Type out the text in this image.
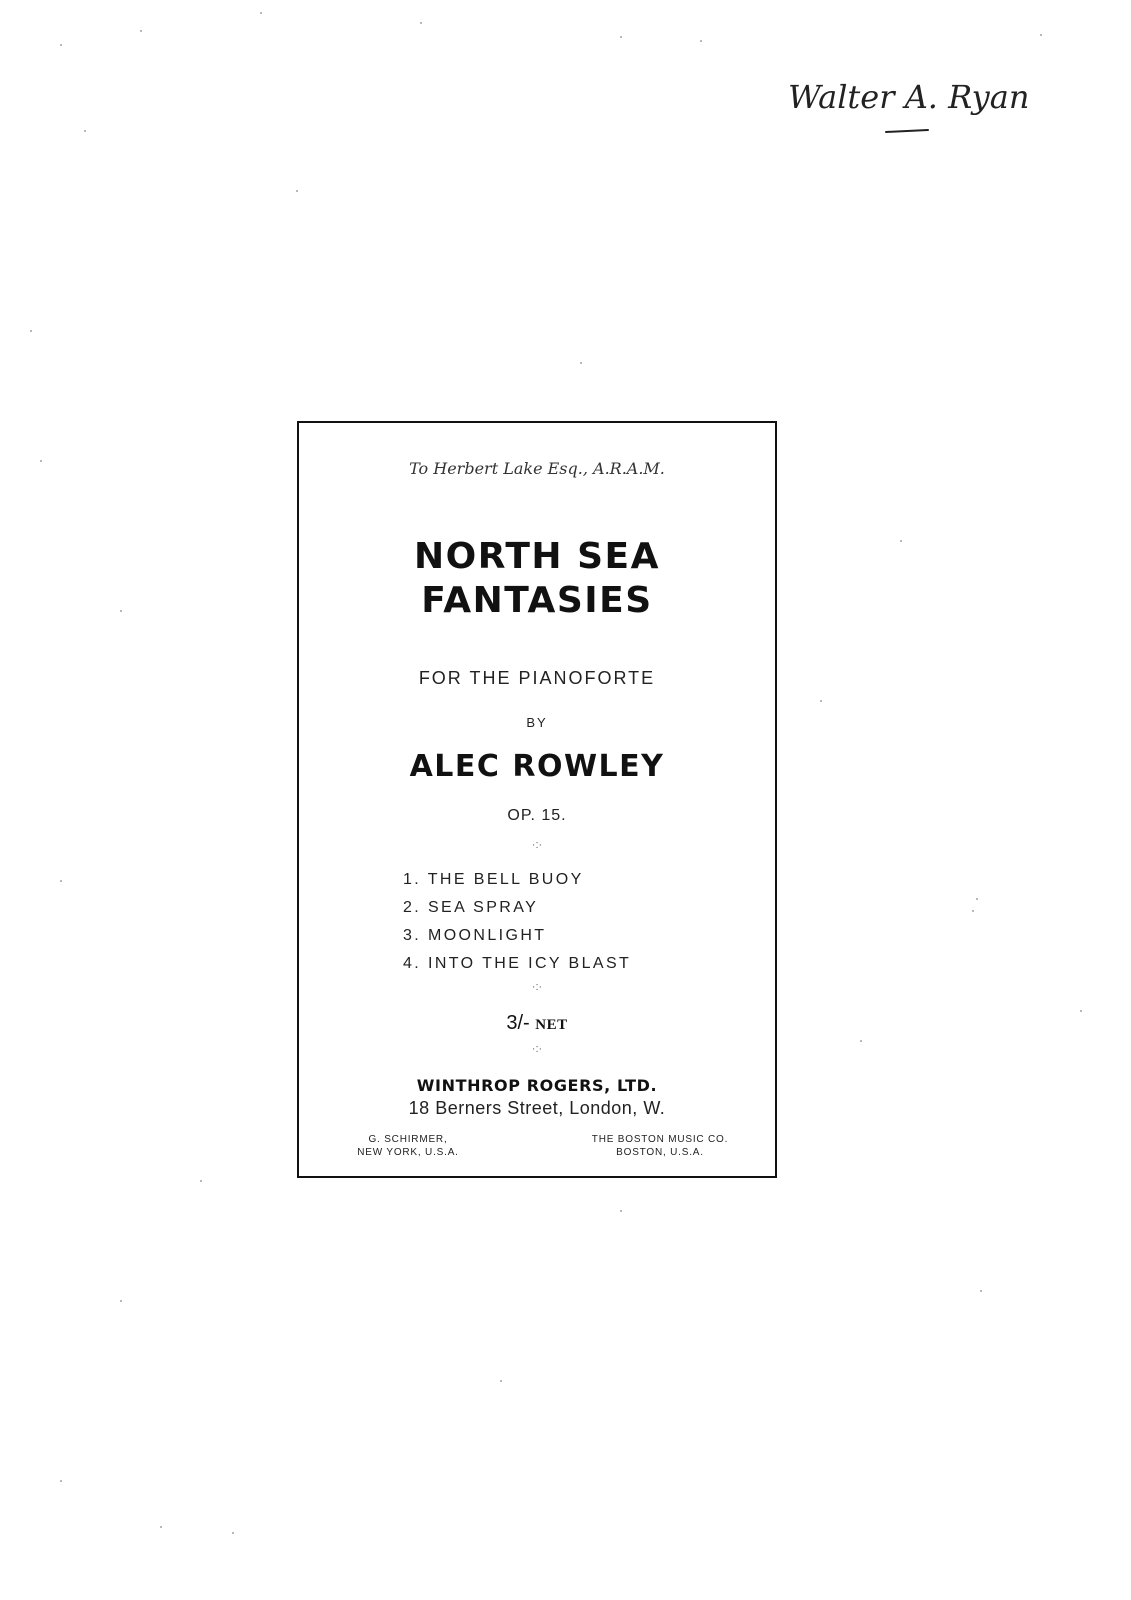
Walter A. Ryan
To Herbert Lake Esq., A.R.A.M.
NORTH SEA
FANTASIES
FOR THE PIANOFORTE
BY
ALEC ROWLEY
OP. 15.
·:·
1. THE BELL BUOY
2. SEA SPRAY
3. MOONLIGHT
4. INTO THE ICY BLAST
·:·
3/- NET
·:·
WINTHROP ROGERS, LTD.
18 Berners Street, London, W.
G. SCHIRMER,
NEW YORK, U.S.A.
THE BOSTON MUSIC CO.
BOSTON, U.S.A.
